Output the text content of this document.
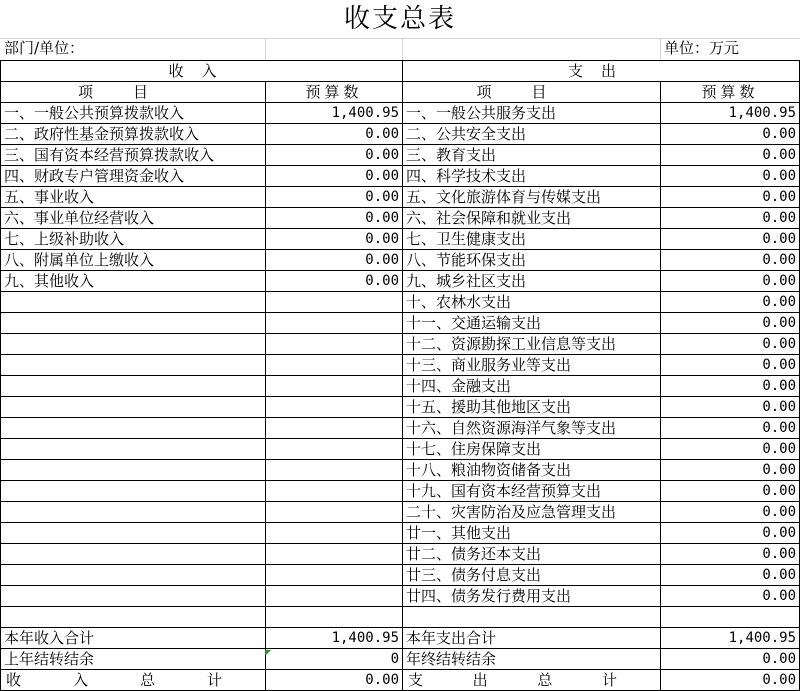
收支总表
部门/单位：	单位：万元
收入		支出	
项目	预算数	项目	预算数
一、一般公共预算拨款收入	1,400.95	一、一般公共服务支出	1,400.95
二、政府性基金预算拨款收入	0.00	二、公共安全支出	0.00
三、国有资本经营预算拨款收入	0.00	三、教育支出	0.00
四、财政专户管理资金收入	0.00	四、科学技术支出	0.00
五、事业收入	0.00	五、文化旅游体育与传媒支出	0.00
六、事业单位经营收入	0.00	六、社会保障和就业支出	0.00
七、上级补助收入	0.00	七、卫生健康支出	0.00
八、附属单位上缴收入	0.00	八、节能环保支出	0.00
九、其他收入	0.00	九、城乡社区支出	0.00
		十、农林水支出	0.00
		十一、交通运输支出	0.00
		十二、资源勘探工业信息等支出	0.00
		十三、商业服务业等支出	0.00
		十四、金融支出	0.00
		十五、援助其他地区支出	0.00
		十六、自然资源海洋气象等支出	0.00
		十七、住房保障支出	0.00
		十八、粮油物资储备支出	0.00
		十九、国有资本经营预算支出	0.00
		二十、灾害防治及应急管理支出	0.00
		廿一、其他支出	0.00
		廿二、债务还本支出	0.00
		廿三、债务付息支出	0.00
		廿四、债务发行费用支出	0.00

本年收入合计	1,400.95	本年支出合计	1,400.95
上年结转结余	0	年终结转结余	0.00

收 入 总 计	0.00	支 出 总 计	0.00
